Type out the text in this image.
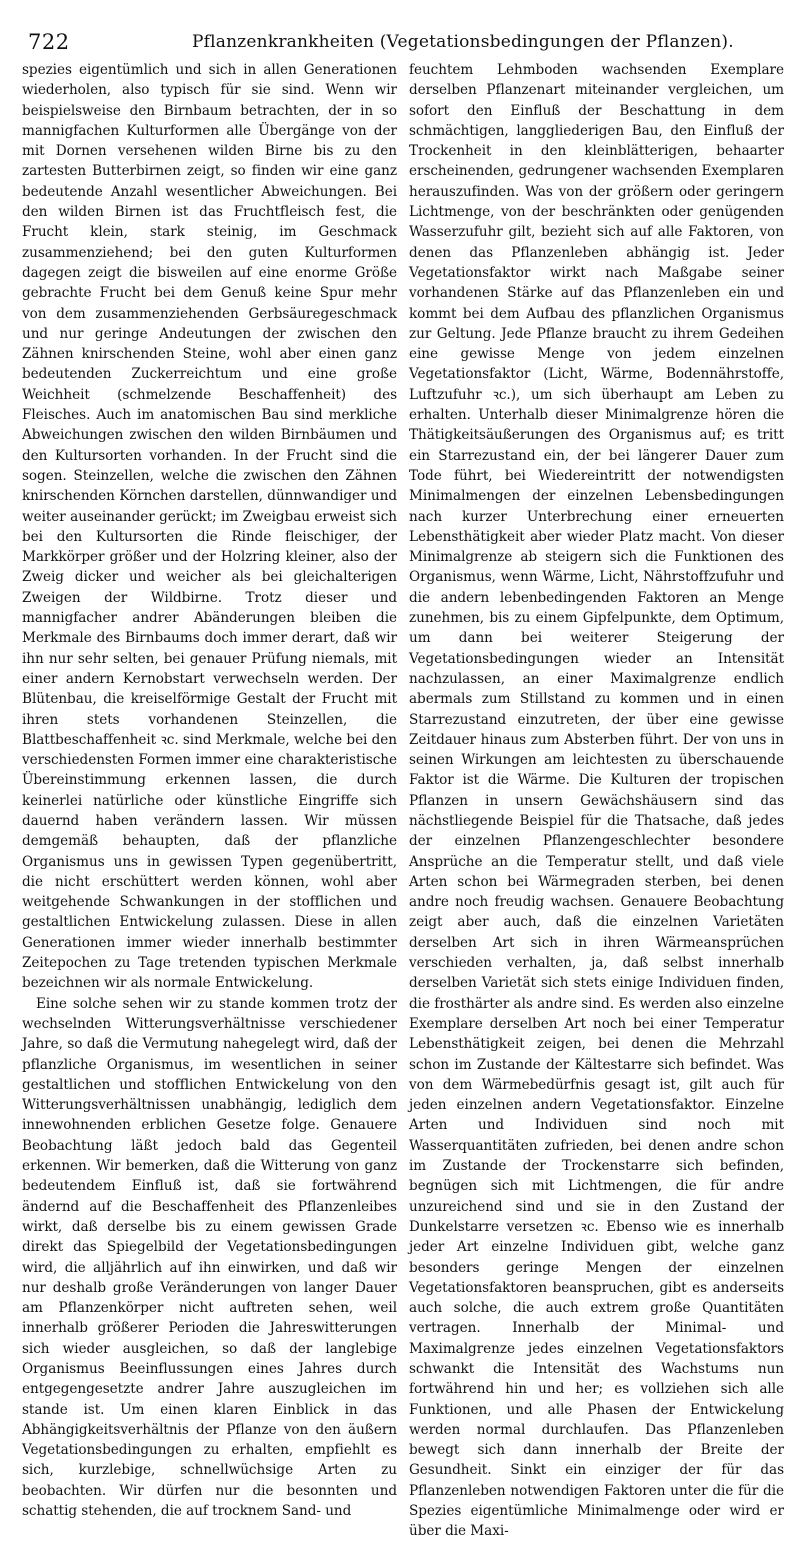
722	Pflanzenkrankheiten (Vegetationsbedingungen der Pflanzen).

spezies eigentümlich und sich in allen Generationen wiederholen, also typisch für sie sind. Wenn wir beispielsweise den Birnbaum betrachten, der in so mannigfachen Kulturformen alle Übergänge von der mit Dornen versehenen wilden Birne bis zu den zartesten Butterbirnen zeigt, so finden wir eine ganz bedeutende Anzahl wesentlicher Abweichungen. Bei den wilden Birnen ist das Fruchtfleisch fest, die Frucht klein, stark steinig, im Geschmack zusammenziehend; bei den guten Kulturformen dagegen zeigt die bisweilen auf eine enorme Größe gebrachte Frucht bei dem Genuß keine Spur mehr von dem zusammenziehenden Gerbsäuregeschmack und nur geringe Andeutungen der zwischen den Zähnen knirschenden Steine, wohl aber einen ganz bedeutenden Zuckerreichtum und eine große Weichheit (schmelzende Beschaffenheit) des Fleisches. Auch im anatomischen Bau sind merkliche Abweichungen zwischen den wilden Birnbäumen und den Kultursorten vorhanden. In der Frucht sind die sogen. Steinzellen, welche die zwischen den Zähnen knirschenden Körnchen darstellen, dünnwandiger und weiter auseinander gerückt; im Zweigbau erweist sich bei den Kultursorten die Rinde fleischiger, der Markkörper größer und der Holzring kleiner, also der Zweig dicker und weicher als bei gleichalterigen Zweigen der Wildbirne. Trotz dieser und mannigfacher andrer Abänderungen bleiben die Merkmale des Birnbaums doch immer derart, daß wir ihn nur sehr selten, bei genauer Prüfung niemals, mit einer andern Kernobstart verwechseln werden. Der Blütenbau, die kreiselförmige Gestalt der Frucht mit ihren stets vorhandenen Steinzellen, die Blattbeschaffenheit ꝛc. sind Merkmale, welche bei den verschiedensten Formen immer eine charakteristische Übereinstimmung erkennen lassen, die durch keinerlei natürliche oder künstliche Eingriffe sich dauernd haben verändern lassen. Wir müssen demgemäß behaupten, daß der pflanzliche Organismus uns in gewissen Typen gegenübertritt, die nicht erschüttert werden können, wohl aber weitgehende Schwankungen in der stofflichen und gestaltlichen Entwickelung zulassen. Diese in allen Generationen immer wieder innerhalb bestimmter Zeitepochen zu Tage tretenden typischen Merkmale bezeichnen wir als normale Entwickelung.

Eine solche sehen wir zu stande kommen trotz der wechselnden Witterungsverhältnisse verschiedener Jahre, so daß die Vermutung nahegelegt wird, daß der pflanzliche Organismus, im wesentlichen in seiner gestaltlichen und stofflichen Entwickelung von den Witterungsverhältnissen unabhängig, lediglich dem innewohnenden erblichen Gesetze folge. Genauere Beobachtung läßt jedoch bald das Gegenteil erkennen. Wir bemerken, daß die Witterung von ganz bedeutendem Einfluß ist, daß sie fortwährend ändernd auf die Beschaffenheit des Pflanzenleibes wirkt, daß derselbe bis zu einem gewissen Grade direkt das Spiegelbild der Vegetationsbedingungen wird, die alljährlich auf ihn einwirken, und daß wir nur deshalb große Veränderungen von langer Dauer am Pflanzenkörper nicht auftreten sehen, weil innerhalb größerer Perioden die Jahreswitterungen sich wieder ausgleichen, so daß der langlebige Organismus Beeinflussungen eines Jahres durch entgegengesetzte andrer Jahre auszugleichen im stande ist. Um einen klaren Einblick in das Abhängigkeitsverhältnis der Pflanze von den äußern Vegetationsbedingungen zu erhalten, empfiehlt es sich, kurzlebige, schnellwüchsige Arten zu beobachten. Wir dürfen nur die besonnten und schattig stehenden, die auf trocknem Sand- und

feuchtem Lehmboden wachsenden Exemplare derselben Pflanzenart miteinander vergleichen, um sofort den Einfluß der Beschattung in dem schmächtigen, langgliederigen Bau, den Einfluß der Trockenheit in den kleinblätterigen, behaarter erscheinenden, gedrungener wachsenden Exemplaren herauszufinden. Was von der größern oder geringern Lichtmenge, von der beschränkten oder genügenden Wasserzufuhr gilt, bezieht sich auf alle Faktoren, von denen das Pflanzenleben abhängig ist. Jeder Vegetationsfaktor wirkt nach Maßgabe seiner vorhandenen Stärke auf das Pflanzenleben ein und kommt bei dem Aufbau des pflanzlichen Organismus zur Geltung. Jede Pflanze braucht zu ihrem Gedeihen eine gewisse Menge von jedem einzelnen Vegetationsfaktor (Licht, Wärme, Bodennährstoffe, Luftzufuhr ꝛc.), um sich überhaupt am Leben zu erhalten. Unterhalb dieser Minimalgrenze hören die Thätigkeitsäußerungen des Organismus auf; es tritt ein Starrezustand ein, der bei längerer Dauer zum Tode führt, bei Wiedereintritt der notwendigsten Minimalmengen der einzelnen Lebensbedingungen nach kurzer Unterbrechung einer erneuerten Lebensthätigkeit aber wieder Platz macht. Von dieser Minimalgrenze ab steigern sich die Funktionen des Organismus, wenn Wärme, Licht, Nährstoffzufuhr und die andern lebenbedingenden Faktoren an Menge zunehmen, bis zu einem Gipfelpunkte, dem Optimum, um dann bei weiterer Steigerung der Vegetationsbedingungen wieder an Intensität nachzulassen, an einer Maximalgrenze endlich abermals zum Stillstand zu kommen und in einen Starrezustand einzutreten, der über eine gewisse Zeitdauer hinaus zum Absterben führt. Der von uns in seinen Wirkungen am leichtesten zu überschauende Faktor ist die Wärme. Die Kulturen der tropischen Pflanzen in unsern Gewächshäusern sind das nächstliegende Beispiel für die Thatsache, daß jedes der einzelnen Pflanzengeschlechter besondere Ansprüche an die Temperatur stellt, und daß viele Arten schon bei Wärmegraden sterben, bei denen andre noch freudig wachsen. Genauere Beobachtung zeigt aber auch, daß die einzelnen Varietäten derselben Art sich in ihren Wärmeansprüchen verschieden verhalten, ja, daß selbst innerhalb derselben Varietät sich stets einige Individuen finden, die frosthärter als andre sind. Es werden also einzelne Exemplare derselben Art noch bei einer Temperatur Lebensthätigkeit zeigen, bei denen die Mehrzahl schon im Zustande der Kältestarre sich befindet. Was von dem Wärmebedürfnis gesagt ist, gilt auch für jeden einzelnen andern Vegetationsfaktor. Einzelne Arten und Individuen sind noch mit Wasserquantitäten zufrieden, bei denen andre schon im Zustande der Trockenstarre sich befinden, begnügen sich mit Lichtmengen, die für andre unzureichend sind und sie in den Zustand der Dunkelstarre versetzen ꝛc. Ebenso wie es innerhalb jeder Art einzelne Individuen gibt, welche ganz besonders geringe Mengen der einzelnen Vegetationsfaktoren beanspruchen, gibt es anderseits auch solche, die auch extrem große Quantitäten vertragen. Innerhalb der Minimal- und Maximalgrenze jedes einzelnen Vegetationsfaktors schwankt die Intensität des Wachstums nun fortwährend hin und her; es vollziehen sich alle Funktionen, und alle Phasen der Entwickelung werden normal durchlaufen. Das Pflanzenleben bewegt sich dann innerhalb der Breite der Gesundheit. Sinkt ein einziger der für das Pflanzenleben notwendigen Faktoren unter die für die Spezies eigentümliche Minimalmenge oder wird er über die Maxi-
